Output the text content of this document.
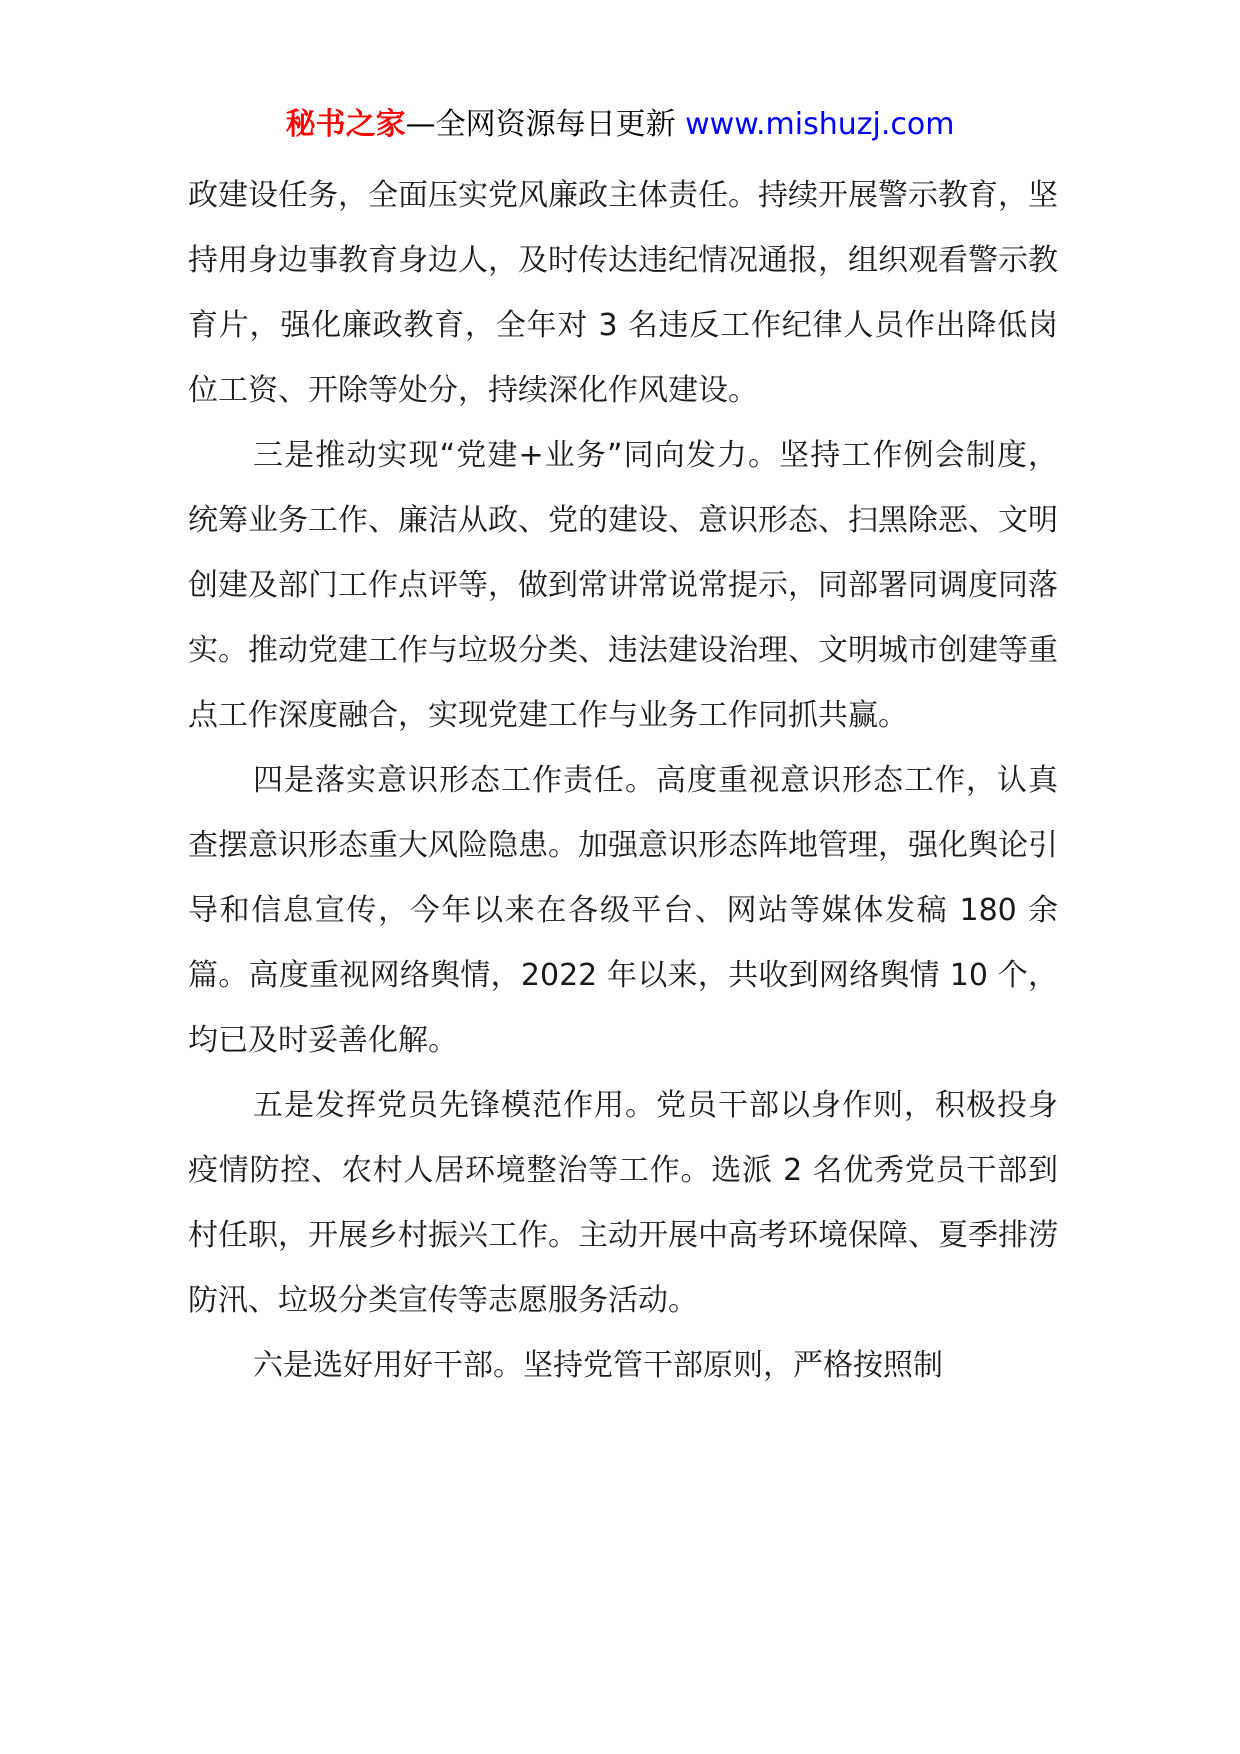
秘书之家—全网资源每日更新 www.mishuzj.com

政建设任务，全面压实党风廉政主体责任。持续开展警示教育，坚持用身边事教育身边人，及时传达违纪情况通报，组织观看警示教育片，强化廉政教育，全年对 3 名违反工作纪律人员作出降低岗位工资、开除等处分，持续深化作风建设。

三是推动实现“党建+业务”同向发力。坚持工作例会制度，统筹业务工作、廉洁从政、党的建设、意识形态、扫黑除恶、文明创建及部门工作点评等，做到常讲常说常提示，同部署同调度同落实。推动党建工作与垃圾分类、违法建设治理、文明城市创建等重点工作深度融合，实现党建工作与业务工作同抓共赢。

四是落实意识形态工作责任。高度重视意识形态工作，认真查摆意识形态重大风险隐患。加强意识形态阵地管理，强化舆论引导和信息宣传，今年以来在各级平台、网站等媒体发稿 180 余篇。高度重视网络舆情，2022 年以来，共收到网络舆情 10 个，均已及时妥善化解。

五是发挥党员先锋模范作用。党员干部以身作则，积极投身疫情防控、农村人居环境整治等工作。选派 2 名优秀党员干部到村任职，开展乡村振兴工作。主动开展中高考环境保障、夏季排涝防汛、垃圾分类宣传等志愿服务活动。

六是选好用好干部。坚持党管干部原则，严格按照制
